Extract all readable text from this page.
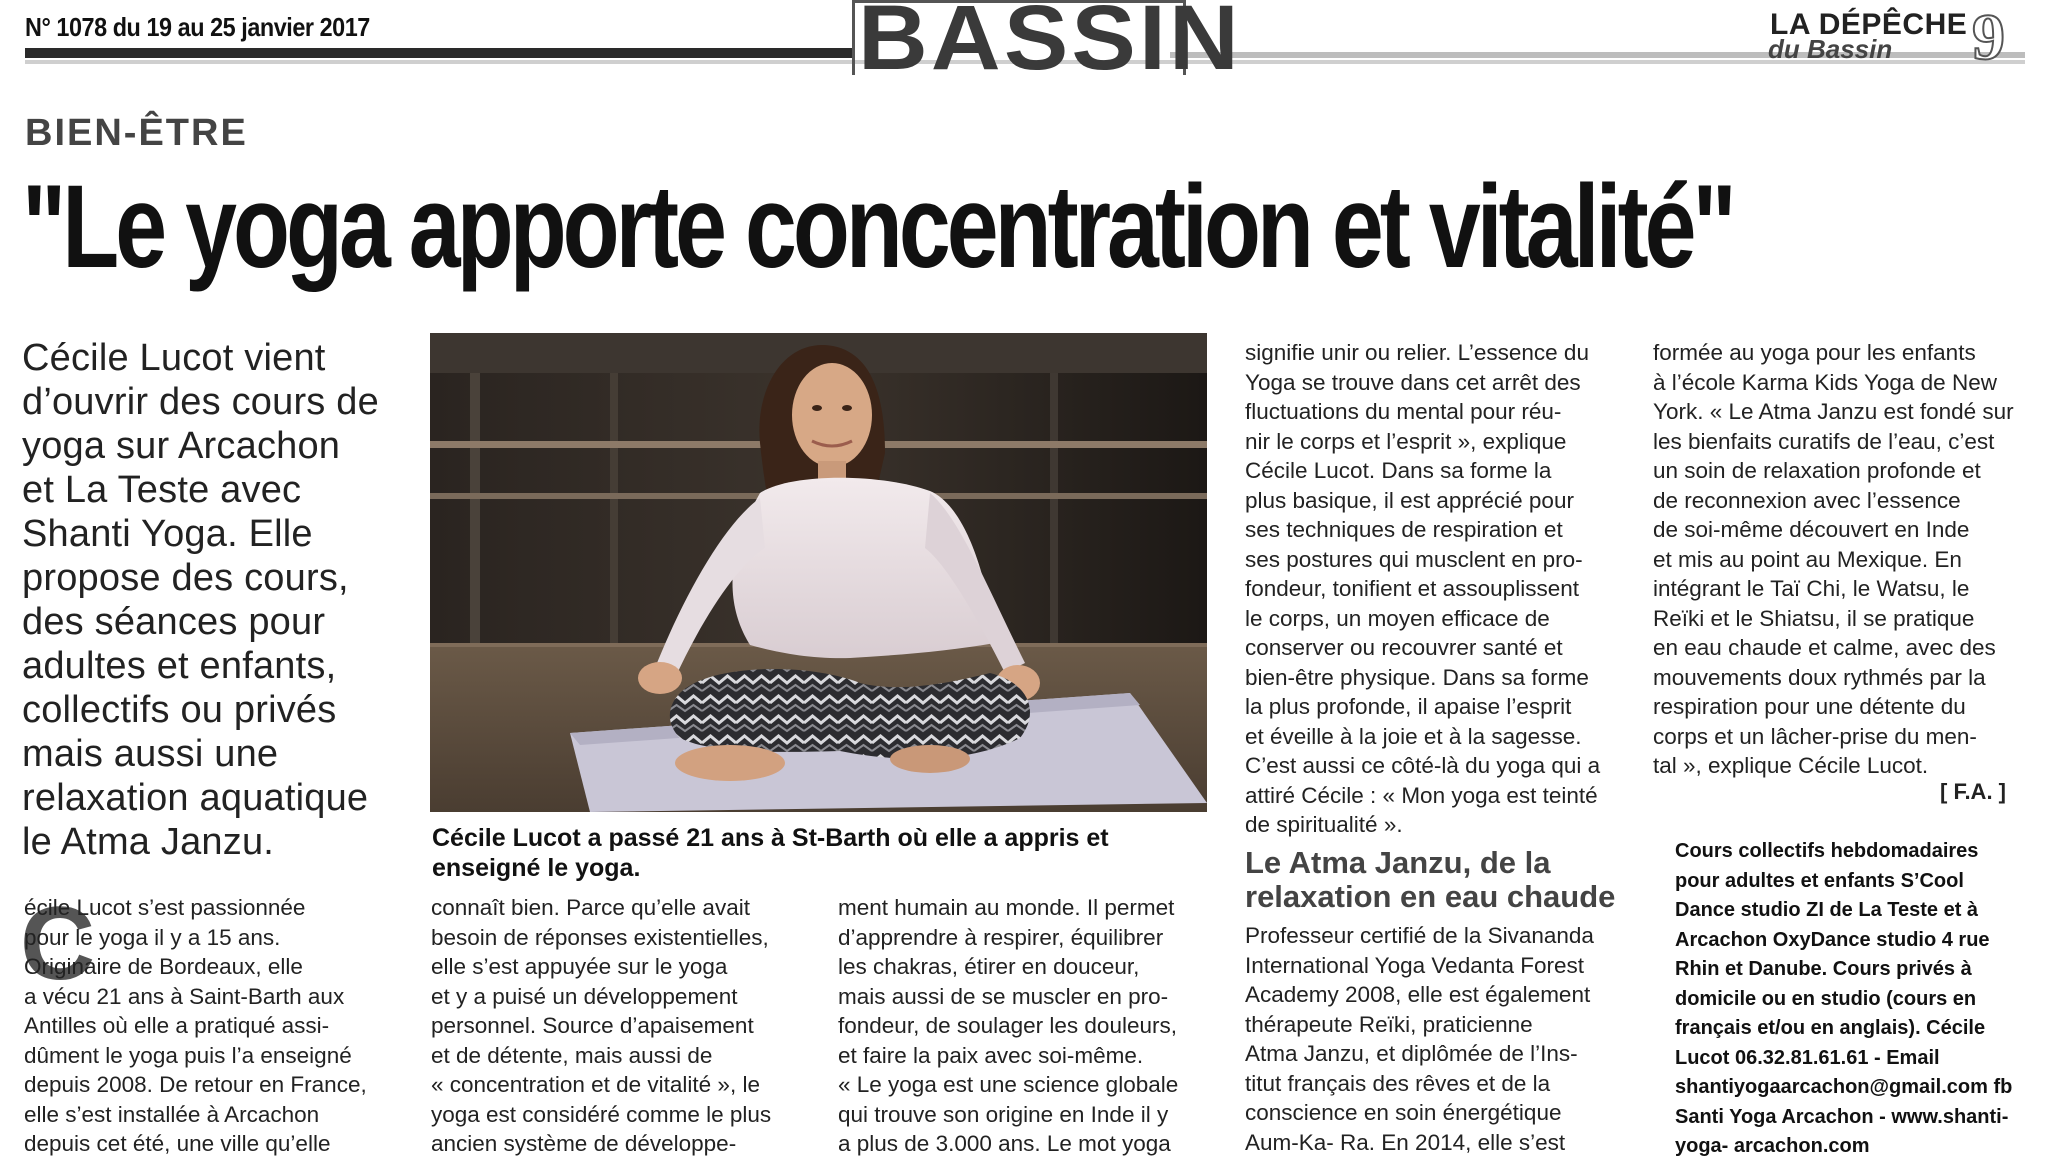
N° 1078 du 19 au 25 janvier 2017	BASSIN	LA DÉPÊCHE
du Bassin 9
BIEN-ÊTRE
"Le yoga apporte concentration et vitalité"
Cécile Lucot vient
d’ouvrir des cours de
yoga sur Arcachon
et La Teste avec
Shanti Yoga. Elle
propose des cours,
des séances pour
adultes et enfants,
collectifs ou privés
mais aussi une
relaxation aquatique
le Atma Janzu.	Cécile Lucot a passé 21 ans à St-Barth où elle a appris et
enseigné le yoga.
C
écile Lucot s’est passionnée
pour le yoga il y a 15 ans.
Originaire de Bordeaux, elle
a vécu 21 ans à Saint-Barth aux
Antilles où elle a pratiqué assi-
dûment le yoga puis l’a enseigné
depuis 2008. De retour en France,
elle s’est installée à Arcachon
depuis cet été, une ville qu’elle
connaît bien. Parce qu’elle avait
besoin de réponses existentielles,
elle s’est appuyée sur le yoga
et y a puisé un développement
personnel. Source d’apaisement
et de détente, mais aussi de
« concentration et de vitalité », le
yoga est considéré comme le plus
ancien système de développe-
ment humain au monde. Il permet
d’apprendre à respirer, équilibrer
les chakras, étirer en douceur,
mais aussi de se muscler en pro-
fondeur, de soulager les douleurs,
et faire la paix avec soi-même.
« Le yoga est une science globale
qui trouve son origine en Inde il y
a plus de 3.000 ans. Le mot yoga
signifie unir ou relier. L’essence du
Yoga se trouve dans cet arrêt des
fluctuations du mental pour réu-
nir le corps et l’esprit », explique
Cécile Lucot. Dans sa forme la
plus basique, il est apprécié pour
ses techniques de respiration et
ses postures qui musclent en pro-
fondeur, tonifient et assouplissent
le corps, un moyen efficace de
conserver ou recouvrer santé et
bien-être physique. Dans sa forme
la plus profonde, il apaise l’esprit
et éveille à la joie et à la sagesse.
C’est aussi ce côté-là du yoga qui a
attiré Cécile : « Mon yoga est teinté
de spiritualité ».
Le Atma Janzu, de la
relaxation en eau chaude
Professeur certifié de la Sivananda
International Yoga Vedanta Forest
Academy 2008, elle est également
thérapeute Reïki, praticienne
Atma Janzu, et diplômée de l’Ins-
titut français des rêves et de la
conscience en soin énergétique
Aum-Ka- Ra. En 2014, elle s’est
formée au yoga pour les enfants
à l’école Karma Kids Yoga de New
York. « Le Atma Janzu est fondé sur
les bienfaits curatifs de l’eau, c’est
un soin de relaxation profonde et
de reconnexion avec l’essence
de soi-même découvert en Inde
et mis au point au Mexique. En
intégrant le Taï Chi, le Watsu, le
Reïki et le Shiatsu, il se pratique
en eau chaude et calme, avec des
mouvements doux rythmés par la
respiration pour une détente du
corps et un lâcher-prise du men-
tal », explique Cécile Lucot.
[ F.A. ]
Cours collectifs hebdomadaires
pour adultes et enfants S’Cool
Dance studio ZI de La Teste et à
Arcachon OxyDance studio 4 rue
Rhin et Danube. Cours privés à
domicile ou en studio (cours en
français et/ou en anglais). Cécile
Lucot 06.32.81.61.61 - Email
shantiyogaarcachon@gmail.com fb
Santi Yoga Arcachon - www.shanti-
yoga- arcachon.com
